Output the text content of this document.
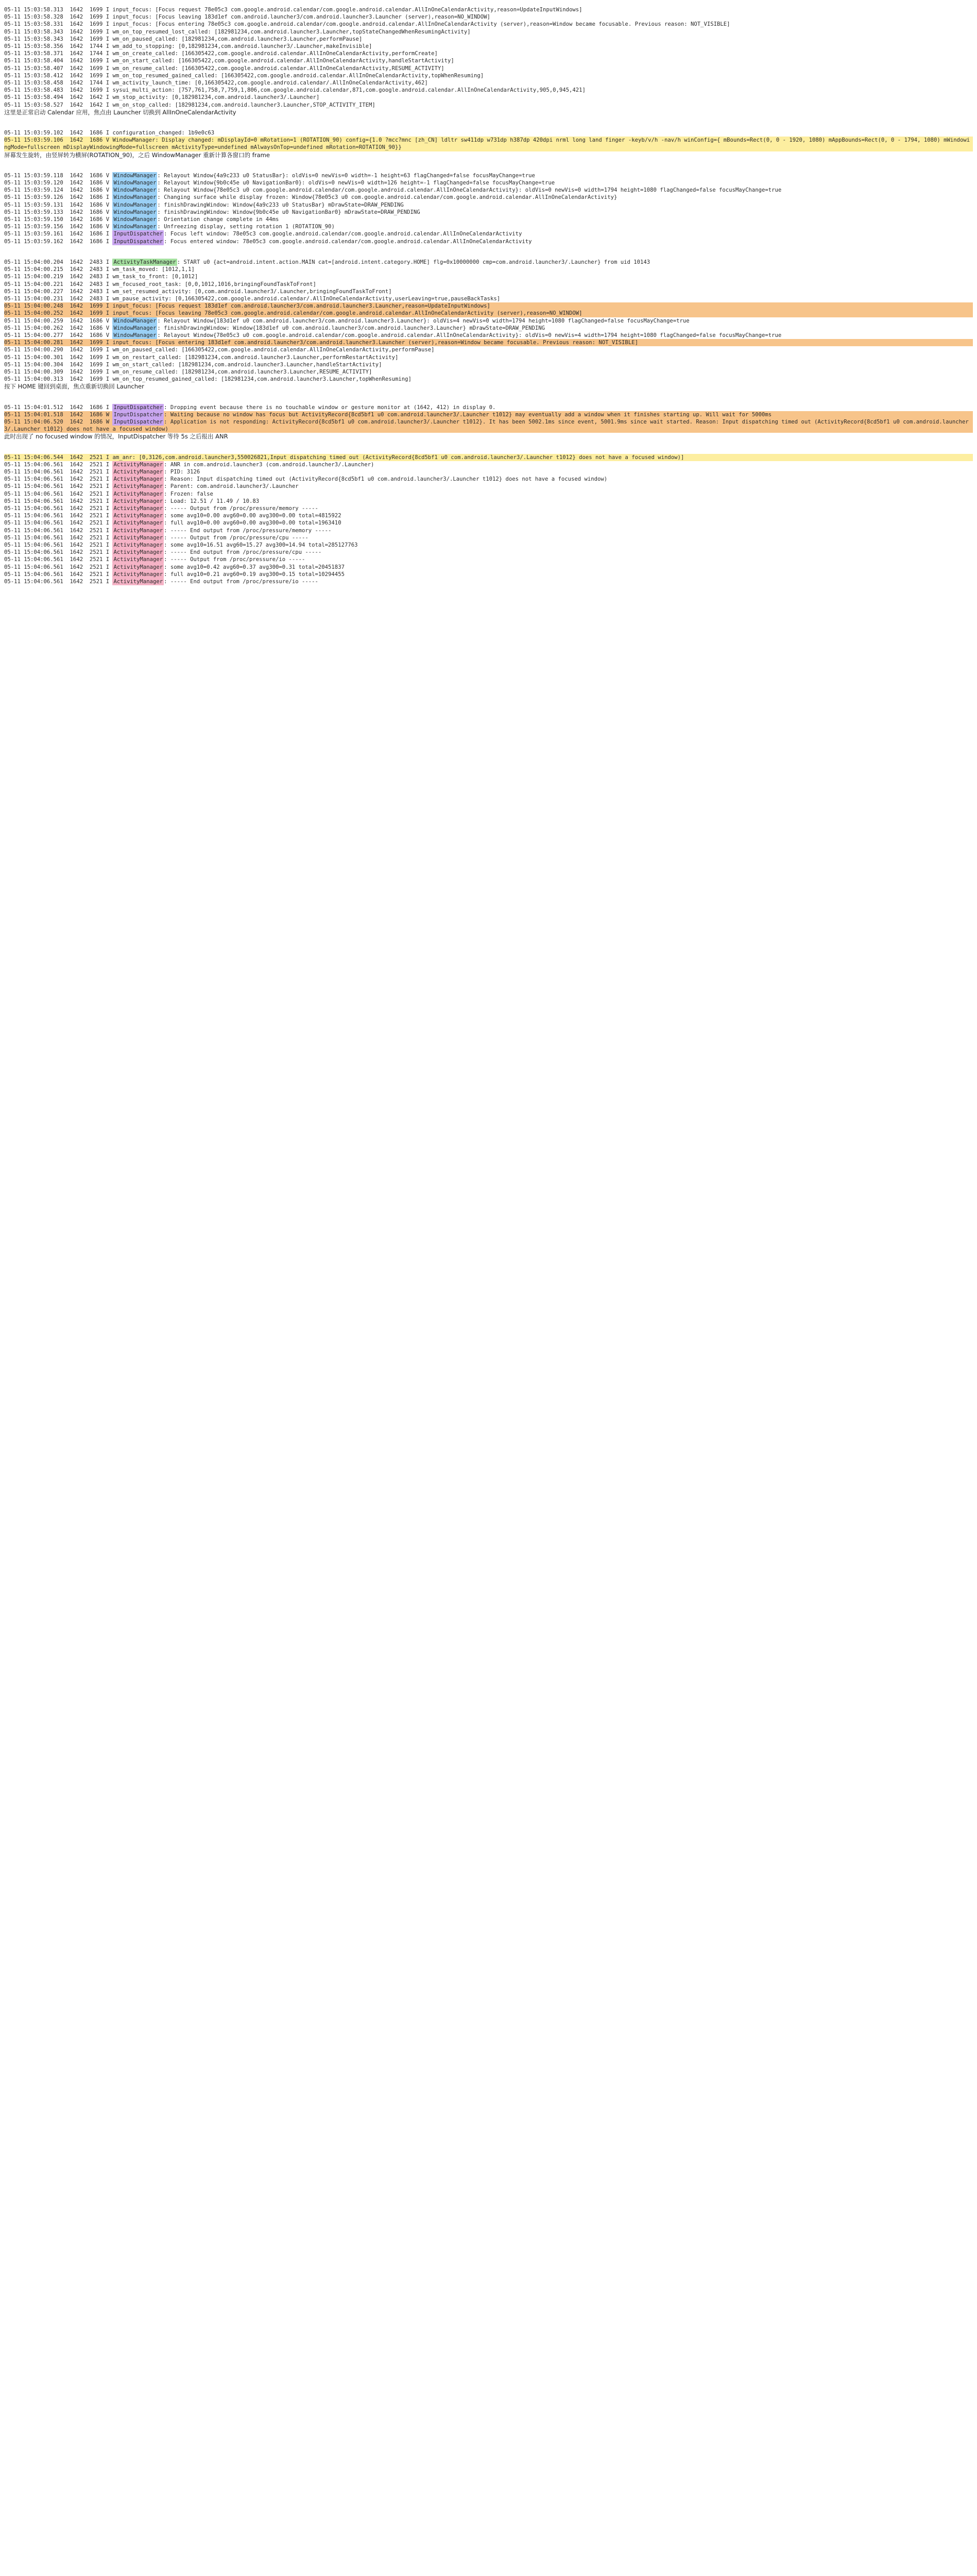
05-11 15:03:58.313  1642  1699 I input_focus: [Focus request 78e05c3 com.google.android.calendar/com.google.android.calendar.AllInOneCalendarActivity,reason=UpdateInputWindows]
05-11 15:03:58.328  1642  1699 I input_focus: [Focus leaving 183d1ef com.android.launcher3/com.android.launcher3.Launcher (server),reason=NO_WINDOW]
05-11 15:03:58.331  1642  1699 I input_focus: [Focus entering 78e05c3 com.google.android.calendar/com.google.android.calendar.AllInOneCalendarActivity (server),reason=Window became focusable. Previous reason: NOT_VISIBLE]
05-11 15:03:58.343  1642  1699 I wm_on_top_resumed_lost_called: [182981234,com.android.launcher3.Launcher,topStateChangedWhenResumingActivity]
05-11 15:03:58.343  1642  1699 I wm_on_paused_called: [182981234,com.android.launcher3.Launcher,performPause]
05-11 15:03:58.356  1642  1744 I wm_add_to_stopping: [0,182981234,com.android.launcher3/.Launcher,makeInvisible]
05-11 15:03:58.371  1642  1744 I wm_on_create_called: [166305422,com.google.android.calendar.AllInOneCalendarActivity,performCreate]
05-11 15:03:58.404  1642  1699 I wm_on_start_called: [166305422,com.google.android.calendar.AllInOneCalendarActivity,handleStartActivity]
05-11 15:03:58.407  1642  1699 I wm_on_resume_called: [166305422,com.google.android.calendar.AllInOneCalendarActivity,RESUME_ACTIVITY]
05-11 15:03:58.412  1642  1699 I wm_on_top_resumed_gained_called: [166305422,com.google.android.calendar.AllInOneCalendarActivity,topWhenResuming]
05-11 15:03:58.458  1642  1744 I wm_activity_launch_time: [0,166305422,com.google.android.calendar/.AllInOneCalendarActivity,462]
05-11 15:03:58.483  1642  1699 I sysui_multi_action: [757,761,758,7,759,1,806,com.google.android.calendar,871,com.google.android.calendar.AllInOneCalendarActivity,905,0,945,421]
05-11 15:03:58.494  1642  1642 I wm_stop_activity: [0,182981234,com.android.launcher3/.Launcher]
05-11 15:03:58.527  1642  1642 I wm_on_stop_called: [182981234,com.android.launcher3.Launcher,STOP_ACTIVITY_ITEM]
这里是正常启动 Calendar 应用，焦点由 Launcher 切换到 AllInOneCalendarActivity
05-11 15:03:59.102  1642  1686 I configuration_changed: 1b9e0c63
05-11 15:03:59.106  1642  1686 V WindowManager: Display changed: mDisplayId=0 mRotation=1 (ROTATION_90) config={1.0 ?mcc?mnc [zh_CN] ldltr sw411dp w731dp h387dp 420dpi nrml long land finger -keyb/v/h -nav/h winConfig={ mBounds=Rect(0, 0 - 1920, 1080) mAppBounds=Rect(0, 0 - 1794, 1080) mWindowingMode=fullscreen mDisplayWindowingMode=fullscreen mActivityType=undefined mAlwaysOnTop=undefined mRotation=ROTATION_90}}
屏幕发生旋转，由竖屏转为横屏(ROTATION_90)，之后 WindowManager 重新计算各窗口的 frame
05-11 15:03:59.118  1642  1686 V WindowManager : Relayout Window{4a9c233 u0 StatusBar}: oldVis=0 newVis=0 width=-1 height=63 flagChanged=false focusMayChange=true
05-11 15:03:59.120  1642  1686 V WindowManager : Relayout Window{9b0c45e u0 NavigationBar0}: oldVis=0 newVis=0 width=126 height=-1 flagChanged=false focusMayChange=true
05-11 15:03:59.124  1642  1686 V WindowManager : Relayout Window{78e05c3 u0 com.google.android.calendar/com.google.android.calendar.AllInOneCalendarActivity}: oldVis=0 newVis=0 width=1794 height=1080 flagChanged=false focusMayChange=true
05-11 15:03:59.126  1642  1686 I WindowManager : Changing surface while display frozen: Window{78e05c3 u0 com.google.android.calendar/com.google.android.calendar.AllInOneCalendarActivity}
05-11 15:03:59.131  1642  1686 V WindowManager : finishDrawingWindow: Window{4a9c233 u0 StatusBar} mDrawState=DRAW_PENDING
05-11 15:03:59.133  1642  1686 V WindowManager : finishDrawingWindow: Window{9b0c45e u0 NavigationBar0} mDrawState=DRAW_PENDING
05-11 15:03:59.150  1642  1686 V WindowManager : Orientation change complete in 44ms
05-11 15:03:59.156  1642  1686 V WindowManager : Unfreezing display, setting rotation 1 (ROTATION_90)
05-11 15:03:59.161  1642  1686 I InputDispatcher : Focus left window: 78e05c3 com.google.android.calendar/com.google.android.calendar.AllInOneCalendarActivity
05-11 15:03:59.162  1642  1686 I InputDispatcher : Focus entered window: 78e05c3 com.google.android.calendar/com.google.android.calendar.AllInOneCalendarActivity
05-11 15:04:00.204  1642  2483 I ActivityTaskManager : START u0 {act=android.intent.action.MAIN cat=[android.intent.category.HOME] flg=0x10000000 cmp=com.android.launcher3/.Launcher} from uid 10143
05-11 15:04:00.215  1642  2483 I wm_task_moved: [1012,1,1]
05-11 15:04:00.219  1642  2483 I wm_task_to_front: [0,1012]
05-11 15:04:00.221  1642  2483 I wm_focused_root_task: [0,0,1012,1016,bringingFoundTaskToFront]
05-11 15:04:00.227  1642  2483 I wm_set_resumed_activity: [0,com.android.launcher3/.Launcher,bringingFoundTaskToFront]
05-11 15:04:00.231  1642  2483 I wm_pause_activity: [0,166305422,com.google.android.calendar/.AllInOneCalendarActivity,userLeaving=true,pauseBackTasks]
05-11 15:04:00.248  1642  1699 I input_focus: [Focus request 183d1ef com.android.launcher3/com.android.launcher3.Launcher,reason=UpdateInputWindows]
05-11 15:04:00.252  1642  1699 I input_focus: [Focus leaving 78e05c3 com.google.android.calendar/com.google.android.calendar.AllInOneCalendarActivity (server),reason=NO_WINDOW]
05-11 15:04:00.259  1642  1686 V WindowManager : Relayout Window{183d1ef u0 com.android.launcher3/com.android.launcher3.Launcher}: oldVis=4 newVis=0 width=1794 height=1080 flagChanged=false focusMayChange=true
05-11 15:04:00.262  1642  1686 V WindowManager : finishDrawingWindow: Window{183d1ef u0 com.android.launcher3/com.android.launcher3.Launcher} mDrawState=DRAW_PENDING
05-11 15:04:00.277  1642  1686 V WindowManager : Relayout Window{78e05c3 u0 com.google.android.calendar/com.google.android.calendar.AllInOneCalendarActivity}: oldVis=0 newVis=4 width=1794 height=1080 flagChanged=false focusMayChange=true
05-11 15:04:00.281  1642  1699 I input_focus: [Focus entering 183d1ef com.android.launcher3/com.android.launcher3.Launcher (server),reason=Window became focusable. Previous reason: NOT_VISIBLE]
05-11 15:04:00.290  1642  1699 I wm_on_paused_called: [166305422,com.google.android.calendar.AllInOneCalendarActivity,performPause]
05-11 15:04:00.301  1642  1699 I wm_on_restart_called: [182981234,com.android.launcher3.Launcher,performRestartActivity]
05-11 15:04:00.304  1642  1699 I wm_on_start_called: [182981234,com.android.launcher3.Launcher,handleStartActivity]
05-11 15:04:00.309  1642  1699 I wm_on_resume_called: [182981234,com.android.launcher3.Launcher,RESUME_ACTIVITY]
05-11 15:04:00.313  1642  1699 I wm_on_top_resumed_gained_called: [182981234,com.android.launcher3.Launcher,topWhenResuming]
按下 HOME 键回到桌面，焦点重新切换回 Launcher
05-11 15:04:01.512  1642  1686 I InputDispatcher : Dropping event because there is no touchable window or gesture monitor at (1642, 412) in display 0.
05-11 15:04:01.518  1642  1686 W InputDispatcher : Waiting because no window has focus but ActivityRecord{8cd5bf1 u0 com.android.launcher3/.Launcher t1012} may eventually add a window when it finishes starting up. Will wait for 5000ms
05-11 15:04:06.520  1642  1686 W InputDispatcher : Application is not responding: ActivityRecord{8cd5bf1 u0 com.android.launcher3/.Launcher t1012}. It has been 5002.1ms since event, 5001.9ms since wait started. Reason: Input dispatching timed out (ActivityRecord{8cd5bf1 u0 com.android.launcher3/.Launcher t1012} does not have a focused window)
此时出现了 no focused window 的情况，InputDispatcher 等待 5s 之后报出 ANR
05-11 15:04:06.544  1642  2521 I am_anr: [0,3126,com.android.launcher3,550026821,Input dispatching timed out (ActivityRecord{8cd5bf1 u0 com.android.launcher3/.Launcher t1012} does not have a focused window)]
05-11 15:04:06.561  1642  2521 I ActivityManager : ANR in com.android.launcher3 (com.android.launcher3/.Launcher)
05-11 15:04:06.561  1642  2521 I ActivityManager : PID: 3126
05-11 15:04:06.561  1642  2521 I ActivityManager : Reason: Input dispatching timed out (ActivityRecord{8cd5bf1 u0 com.android.launcher3/.Launcher t1012} does not have a focused window)
05-11 15:04:06.561  1642  2521 I ActivityManager : Parent: com.android.launcher3/.Launcher
05-11 15:04:06.561  1642  2521 I ActivityManager : Frozen: false
05-11 15:04:06.561  1642  2521 I ActivityManager : Load: 12.51 / 11.49 / 10.83
05-11 15:04:06.561  1642  2521 I ActivityManager : ----- Output from /proc/pressure/memory -----
05-11 15:04:06.561  1642  2521 I ActivityManager : some avg10=0.00 avg60=0.00 avg300=0.00 total=4815922
05-11 15:04:06.561  1642  2521 I ActivityManager : full avg10=0.00 avg60=0.00 avg300=0.00 total=1963410
05-11 15:04:06.561  1642  2521 I ActivityManager : ----- End output from /proc/pressure/memory -----
05-11 15:04:06.561  1642  2521 I ActivityManager : ----- Output from /proc/pressure/cpu -----
05-11 15:04:06.561  1642  2521 I ActivityManager : some avg10=16.51 avg60=15.27 avg300=14.94 total=285127763
05-11 15:04:06.561  1642  2521 I ActivityManager : ----- End output from /proc/pressure/cpu -----
05-11 15:04:06.561  1642  2521 I ActivityManager : ----- Output from /proc/pressure/io -----
05-11 15:04:06.561  1642  2521 I ActivityManager : some avg10=0.42 avg60=0.37 avg300=0.31 total=20451837
05-11 15:04:06.561  1642  2521 I ActivityManager : full avg10=0.21 avg60=0.19 avg300=0.15 total=10294455
05-11 15:04:06.561  1642  2521 I ActivityManager : ----- End output from /proc/pressure/io -----
